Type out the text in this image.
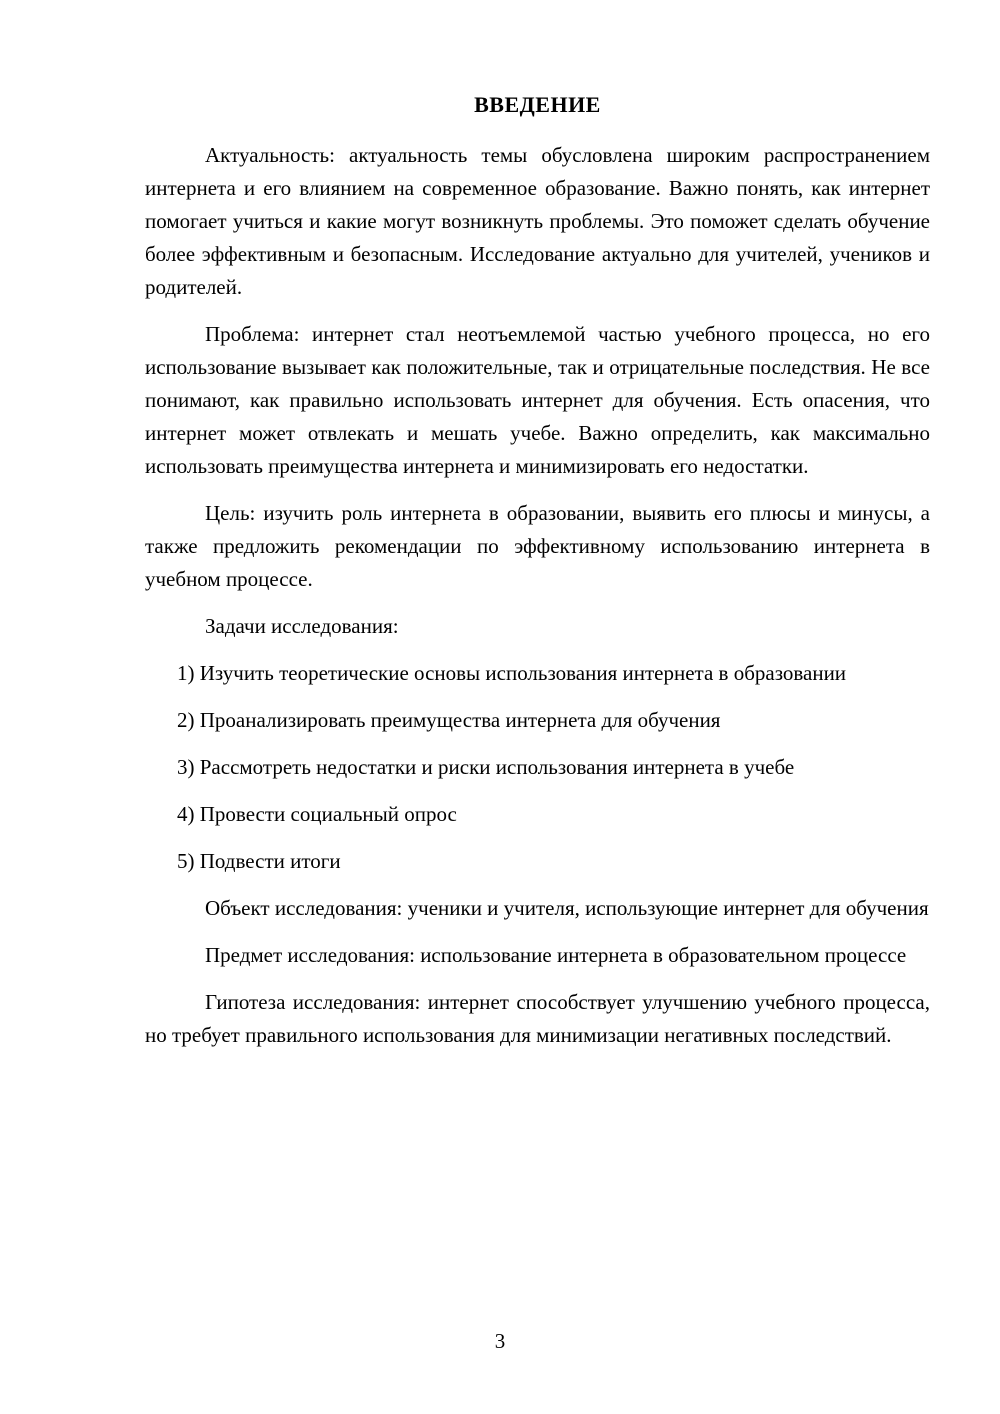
ВВЕДЕНИЕ

Актуальность: актуальность темы обусловлена широким распространением интернета и его влиянием на современное образование. Важно понять, как интернет помогает учиться и какие могут возникнуть проблемы. Это поможет сделать обучение более эффективным и безопасным. Исследование актуально для учителей, учеников и родителей.

Проблема: интернет стал неотъемлемой частью учебного процесса, но его использование вызывает как положительные, так и отрицательные последствия. Не все понимают, как правильно использовать интернет для обучения. Есть опасения, что интернет может отвлекать и мешать учебе. Важно определить, как максимально использовать преимущества интернета и минимизировать его недостатки.

Цель: изучить роль интернета в образовании, выявить его плюсы и минусы, а также предложить рекомендации по эффективному использованию интернета в учебном процессе.

Задачи исследования:

1) Изучить теоретические основы использования интернета в образовании

2) Проанализировать преимущества интернета для обучения

3) Рассмотреть недостатки и риски использования интернета в учебе

4) Провести социальный опрос

5) Подвести итоги

Объект исследования: ученики и учителя, использующие интернет для обучения

Предмет исследования: использование интернета в образовательном процессе

Гипотеза исследования: интернет способствует улучшению учебного процесса, но требует правильного использования для минимизации негативных последствий.

3
